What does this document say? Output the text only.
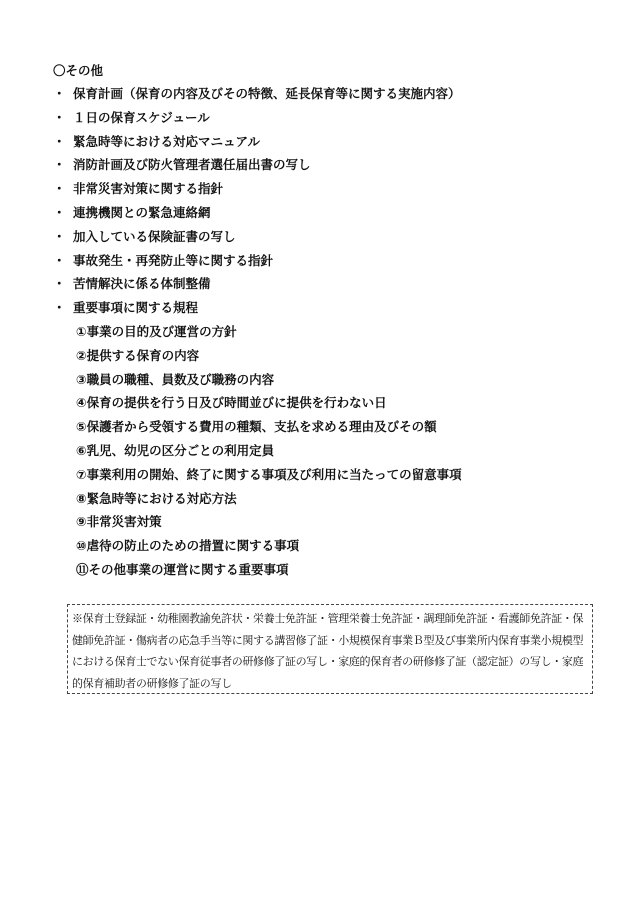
〇その他
・ 保育計画（保育の内容及びその特徴、延長保育等に関する実施内容）
・ １日の保育スケジュール
・ 緊急時等における対応マニュアル
・ 消防計画及び防火管理者選任届出書の写し
・ 非常災害対策に関する指針
・ 連携機関との緊急連絡網
・ 加入している保険証書の写し
・ 事故発生・再発防止等に関する指針
・ 苦情解決に係る体制整備
・ 重要事項に関する規程
①事業の目的及び運営の方針
②提供する保育の内容
③職員の職種、員数及び職務の内容
④保育の提供を行う日及び時間並びに提供を行わない日
⑤保護者から受領する費用の種類、支払を求める理由及びその額
⑥乳児、幼児の区分ごとの利用定員
⑦事業利用の開始、終了に関する事項及び利用に当たっての留意事項
⑧緊急時等における対応方法
⑨非常災害対策
⑩虐待の防止のための措置に関する事項
⑪その他事業の運営に関する重要事項
※保育士登録証・幼稚園教諭免許状・栄養士免許証・管理栄養士免許証・調理師免許証・看護師免許証・保健師免許証・傷病者の応急手当等に関する講習修了証・小規模保育事業Ｂ型及び事業所内保育事業小規模型における保育士でない保育従事者の研修修了証の写し・家庭的保育者の研修修了証（認定証）の写し・家庭的保育補助者の研修修了証の写し
